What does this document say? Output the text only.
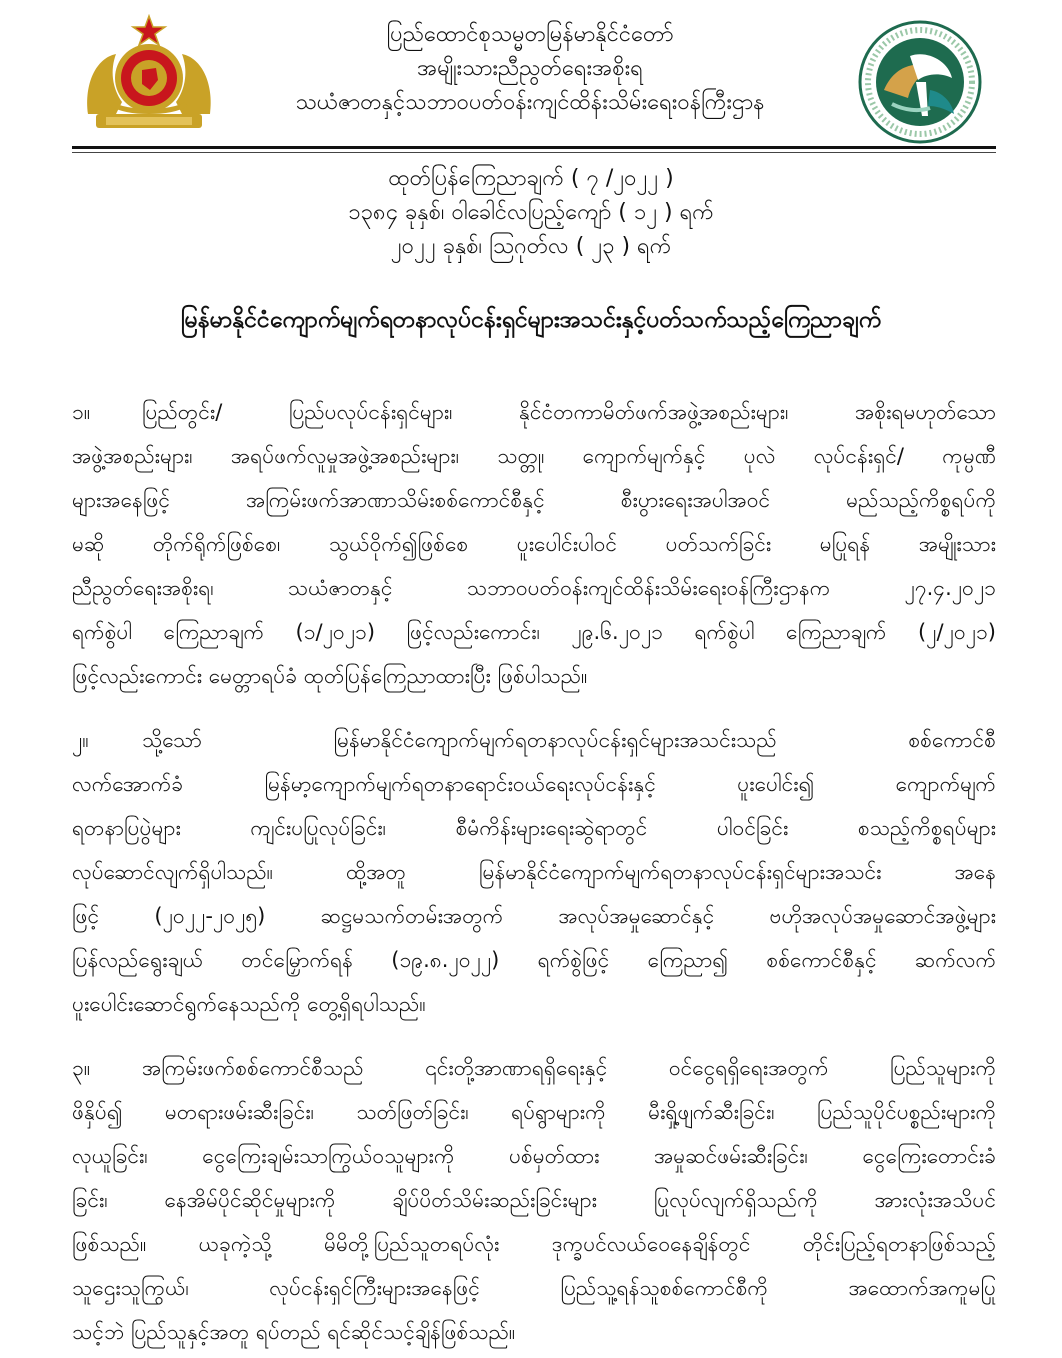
ပြည်ထောင်စုသမ္မတမြန်မာနိုင်ငံတော်
အမျိုးသားညီညွတ်ရေးအစိုးရ
သယံဇာတနှင့်သဘာဝပတ်ဝန်းကျင်ထိန်းသိမ်းရေးဝန်ကြီးဌာန
ထုတ်ပြန်ကြေညာချက် ( ၇ /၂၀၂၂ )
၁၃၈၄ ခုနှစ်၊ ဝါခေါင်လပြည့်ကျော် ( ၁၂ ) ရက်
၂၀၂၂ ခုနှစ်၊ ဩဂုတ်လ ( ၂၃ ) ရက်
မြန်မာနိုင်ငံကျောက်မျက်ရတနာလုပ်ငန်းရှင်များအသင်းနှင့်ပတ်သက်သည့်ကြေညာချက်
၁။ ပြည်တွင်း/ ပြည်ပလုပ်ငန်းရှင်များ၊ နိုင်ငံတကာမိတ်ဖက်အဖွဲ့အစည်းများ၊ အစိုးရမဟုတ်သော
အဖွဲ့အစည်းများ၊ အရပ်ဖက်လူမှုအဖွဲ့အစည်းများ၊ သတ္တု၊ ကျောက်မျက်နှင့် ပုလဲ လုပ်ငန်းရှင်/ ကုမ္ပဏီ
များအနေဖြင့် အကြမ်းဖက်အာဏာသိမ်းစစ်ကောင်စီနှင့် စီးပွားရေးအပါအဝင် မည်သည့်ကိစ္စရပ်ကို
မဆို တိုက်ရိုက်ဖြစ်စေ၊ သွယ်ဝိုက်၍ဖြစ်စေ ပူးပေါင်းပါဝင် ပတ်သက်ခြင်း မပြုရန် အမျိုးသား
ညီညွတ်ရေးအစိုးရ၊ သယံဇာတနှင့် သဘာဝပတ်ဝန်းကျင်ထိန်းသိမ်းရေးဝန်ကြီးဌာနက ၂၇.၄.၂၀၂၁
ရက်စွဲပါ ကြေညာချက် (၁/၂၀၂၁) ဖြင့်လည်းကောင်း၊ ၂၉.၆.၂၀၂၁ ရက်စွဲပါ ကြေညာချက် (၂/၂၀၂၁)
ဖြင့်လည်းကောင်း မေတ္တာရပ်ခံ ထုတ်ပြန်ကြေညာထားပြီး ဖြစ်ပါသည်။
၂။	သို့သော် မြန်မာနိုင်ငံကျောက်မျက်ရတနာလုပ်ငန်းရှင်များအသင်းသည် စစ်ကောင်စီ
လက်အောက်ခံ မြန်မာ့ကျောက်မျက်ရတနာရောင်းဝယ်ရေးလုပ်ငန်းနှင့် ပူးပေါင်း၍ ကျောက်မျက်
ရတနာပြပွဲများ ကျင်းပပြုလုပ်ခြင်း၊ စီမံကိန်းများရေးဆွဲရာတွင် ပါဝင်ခြင်း စသည့်ကိစ္စရပ်များ
လုပ်ဆောင်လျက်ရှိပါသည်။ ထို့အတူ မြန်မာနိုင်ငံကျောက်မျက်ရတနာလုပ်ငန်းရှင်များအသင်း အနေ
ဖြင့် (၂၀၂၂-၂၀၂၅) ဆဋ္ဌမသက်တမ်းအတွက် အလုပ်အမှုဆောင်နှင့် ဗဟိုအလုပ်အမှုဆောင်အဖွဲ့များ
ပြန်လည်ရွေးချယ် တင်မြှောက်ရန် (၁၉.၈.၂၀၂၂) ရက်စွဲဖြင့် ကြေညာ၍ စစ်ကောင်စီနှင့် ဆက်လက်
ပူးပေါင်းဆောင်ရွက်နေသည်ကို တွေ့ရှိရပါသည်။
၃။ အကြမ်းဖက်စစ်ကောင်စီသည် ၎င်းတို့အာဏာရရှိရေးနှင့် ဝင်ငွေရရှိရေးအတွက် ပြည်သူများကို
ဖိနှိပ်၍ မတရားဖမ်းဆီးခြင်း၊ သတ်ဖြတ်ခြင်း၊ ရပ်ရွာများကို မီးရှို့ဖျက်ဆီးခြင်း၊ ပြည်သူပိုင်ပစ္စည်းများကို
လုယူခြင်း၊ ငွေကြေးချမ်းသာကြွယ်ဝသူများကို ပစ်မှတ်ထား အမှုဆင်ဖမ်းဆီးခြင်း၊ ငွေကြေးတောင်းခံ
ခြင်း၊ နေအိမ်ပိုင်ဆိုင်မှုများကို ချိပ်ပိတ်သိမ်းဆည်းခြင်းများ ပြုလုပ်လျက်ရှိသည်ကို အားလုံးအသိပင်
ဖြစ်သည်။ ယခုကဲ့သို့ မိမိတို့ပြည်သူတရပ်လုံး ဒုက္ခပင်လယ်ဝေနေချိန်တွင် တိုင်းပြည့်ရတနာဖြစ်သည့်
သူဌေးသူကြွယ်၊ လုပ်ငန်းရှင်ကြီးများအနေဖြင့် ပြည်သူ့ရန်သူစစ်ကောင်စီကို အထောက်အကူမပြု
သင့်ဘဲ ပြည်သူနှင့်အတူ ရပ်တည် ရင်ဆိုင်သင့်ချိန်ဖြစ်သည်။
